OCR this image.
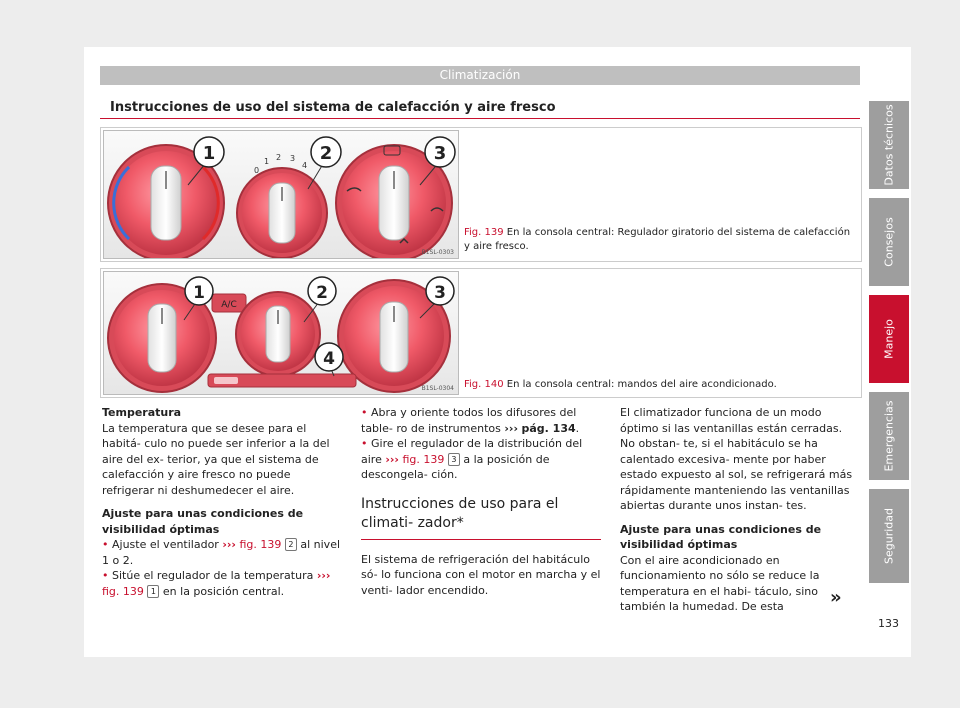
Climatización
Instrucciones de uso del sistema de calefacción y aire fresco
0
1 2 3
4
1	2	3
B1SL-0303
Fig. 139 En la consola central: Regulador giratorio del sistema de calefacción y aire fresco.
A/C
1	2	3
4
B1SL-0304 Fig. 140 En la consola central: mandos del aire acondicionado.

Temperatura

La temperatura que se desee para el habitá- culo no puede ser inferior a la del aire del ex- terior, ya que el sistema de calefacción y aire fresco no puede refrigerar ni deshumedecer el aire.

Ajuste para unas condiciones de visibilidad óptimas

• Ajuste el ventilador ››› fig. 139 2 al nivel 1 o 2.

• Sitúe el regulador de la temperatura ››› fig. 139 1 en la posición central.

• Abra y oriente todos los difusores del table- ro de instrumentos ››› pág. 134.

• Gire el regulador de la distribución del aire ››› fig. 139 3 a la posición de descongela- ción.

Instrucciones de uso para el climati- zador*

El sistema de refrigeración del habitáculo só- lo funciona con el motor en marcha y el venti- lador encendido.

El climatizador funciona de un modo óptimo si las ventanillas están cerradas. No obstan- te, si el habitáculo se ha calentado excesiva- mente por haber estado expuesto al sol, se refrigerará más rápidamente manteniendo las ventanillas abiertas durante unos instan- tes.

Ajuste para unas condiciones de visibilidad óptimas

Con el aire acondicionado en funcionamiento no sólo se reduce la temperatura en el habi- táculo, sino también la humedad. De esta	»
Datos técnicos
Consejos
Manejo
Emergencias
Seguridad
133
